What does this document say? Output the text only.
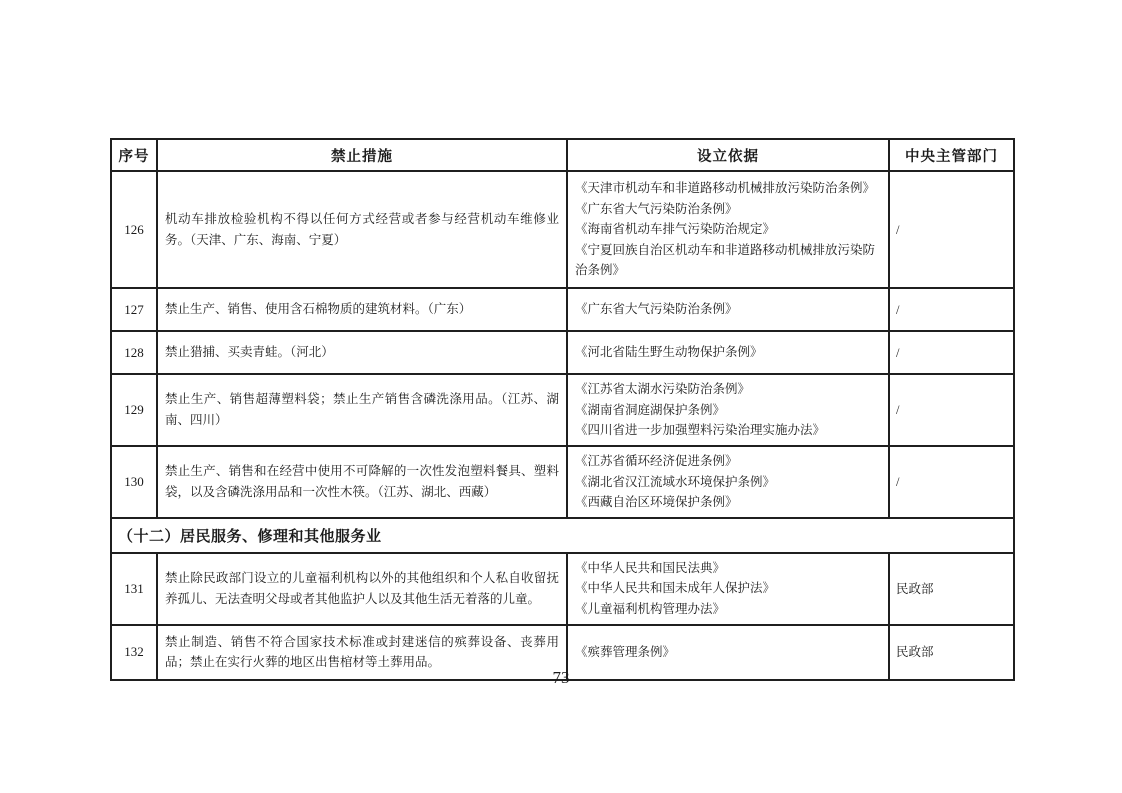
序号	禁止措施	设立依据	中央主管部门
126	机动车排放检验机构不得以任何方式经营或者参与经营机动车维修业务。（天津、广东、海南、宁夏）	《天津市机动车和非道路移动机械排放污染防治条例》
《广东省大气污染防治条例》
《海南省机动车排气污染防治规定》
《宁夏回族自治区机动车和非道路移动机械排放污染防治条例》	/
127	禁止生产、销售、使用含石棉物质的建筑材料。（广东）	《广东省大气污染防治条例》	/
128	禁止猎捕、买卖青蛙。（河北）	《河北省陆生野生动物保护条例》	/
129	禁止生产、销售超薄塑料袋；禁止生产销售含磷洗涤用品。（江苏、湖南、四川）	《江苏省太湖水污染防治条例》
《湖南省洞庭湖保护条例》
《四川省进一步加强塑料污染治理实施办法》	/
130	禁止生产、销售和在经营中使用不可降解的一次性发泡塑料餐具、塑料袋，以及含磷洗涤用品和一次性木筷。（江苏、湖北、西藏）	《江苏省循环经济促进条例》
《湖北省汉江流域水环境保护条例》
《西藏自治区环境保护条例》	/
（十二）居民服务、修理和其他服务业			
131	禁止除民政部门设立的儿童福利机构以外的其他组织和个人私自收留抚养孤儿、无法查明父母或者其他监护人以及其他生活无着落的儿童。	《中华人民共和国民法典》
《中华人民共和国未成年人保护法》
《儿童福利机构管理办法》	民政部
132	禁止制造、销售不符合国家技术标准或封建迷信的殡葬设备、丧葬用品；禁止在实行火葬的地区出售棺材等土葬用品。	《殡葬管理条例》	民政部
73
